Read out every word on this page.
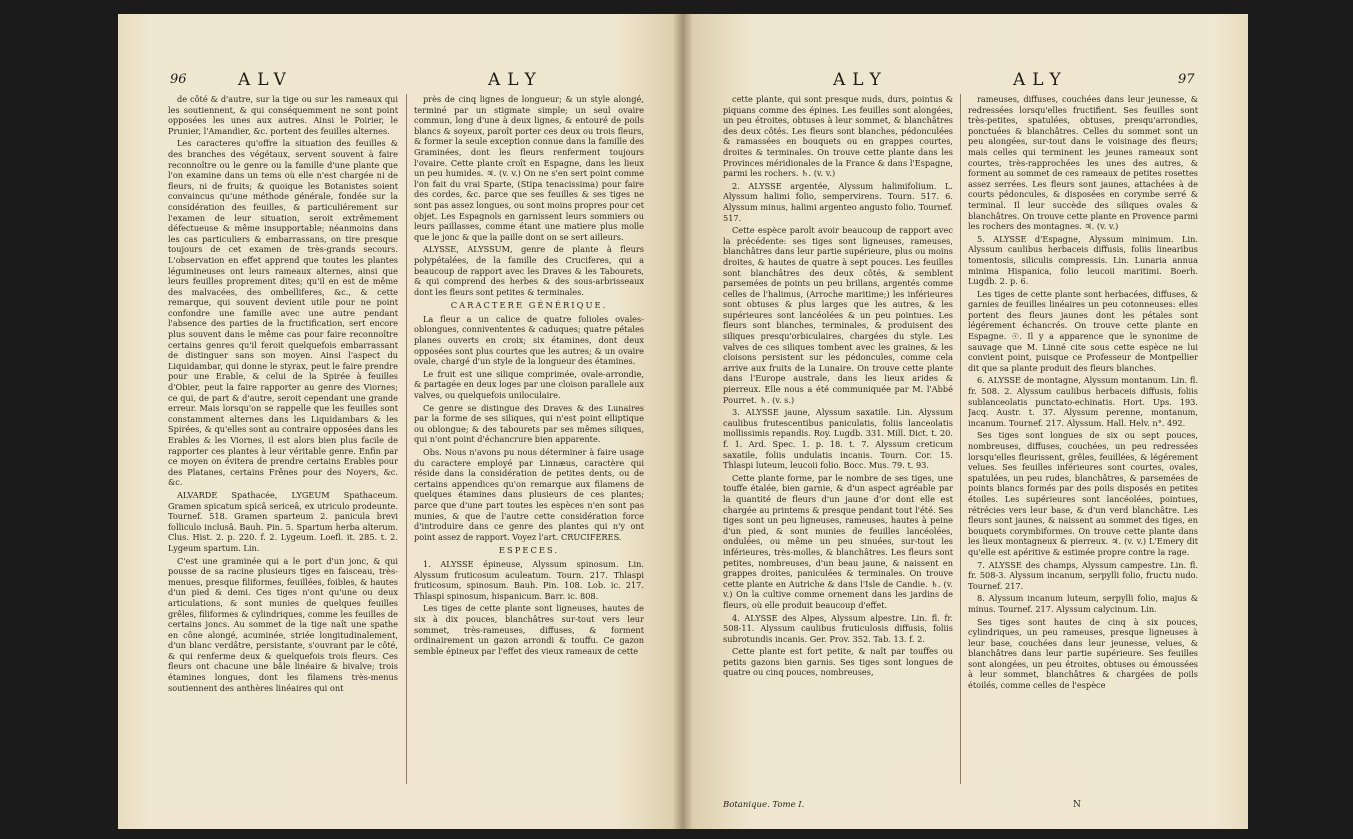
96	ALV	ALY

de côté & d'autre, sur la tige ou sur les rameaux qui les soutiennent, & qui conséquemment ne sont point opposées les unes aux autres. Ainsi le Poirier, le Prunier, l'Amandier, &c. portent des feuilles alternes.

Les caracteres qu'offre la situation des feuilles & des branches des végétaux, servent souvent à faire reconnoître ou le genre ou la famille d'une plante que l'on examine dans un tems où elle n'est chargée ni de fleurs, ni de fruits; & quoique les Botanistes soient convaincus qu'une méthode générale, fondée sur la considération des feuilles, & particuliérement sur l'examen de leur situation, seroit extrêmement défectueuse & même insupportable; néanmoins dans les cas particuliers & embarrassans, on tire presque toujours de cet examen de très-grands secours. L'observation en effet apprend que toutes les plantes légumineuses ont leurs rameaux alternes, ainsi que leurs feuilles proprement dites; qu'il en est de même des malvacées, des ombelliferes, &c., & cette remarque, qui souvent devient utile pour ne point confondre une famille avec une autre pendant l'absence des parties de la fructification, sert encore plus souvent dans le même cas pour faire reconnoître certains genres qu'il feroit quelquefois embarrassant de distinguer sans son moyen. Ainsi l'aspect du Liquidambar, qui donne le styrax, peut le faire prendre pour une Erable, & celui de la Spirée à feuilles d'Obier, peut la faire rapporter au genre des Viornes; ce qui, de part & d'autre, seroit cependant une grande erreur. Mais lorsqu'on se rappelle que les feuilles sont constamment alternes dans les Liquidambars & les Spirées, & qu'elles sont au contraire opposées dans les Erables & les Viornes, il est alors bien plus facile de rapporter ces plantes à leur véritable genre. Enfin par ce moyen on évitera de prendre certains Erables pour des Platanes, certains Frênes pour des Noyers, &c. &c.

ALVARDE Spathacée, LYGEUM Spathaceum. Gramen spicatum spicâ sericeâ, ex utriculo prodeunte. Tournef. 518. Gramen sparteum 2. panicula brevi folliculo inclusâ. Bauh. Pin. 5. Spartum herba alterum. Clus. Hist. 2. p. 220. f. 2. Lygeum. Loefl. it. 285. t. 2. Lygeum spartum. Lin.

C'est une graminée qui a le port d'un jonc, & qui pousse de sa racine plusieurs tiges en faisceau, très-menues, presque filiformes, feuillées, foibles, & hautes d'un pied & demi. Ces tiges n'ont qu'une ou deux articulations, & sont munies de quelques feuilles grêles, filiformes & cylindriques, comme les feuilles de certains joncs. Au sommet de la tige naît une spathe en cône alongé, acuminée, striée longitudinalement, d'un blanc verdâtre, persistante, s'ouvrant par le côté, & qui renferme deux & quelquefois trois fleurs. Ces fleurs ont chacune une bâle linéaire & bivalve; trois étamines longues, dont les filamens très-menus soutiennent des anthères linéaires qui ont

près de cinq lignes de longueur; & un style alongé, terminé par un stigmate simple; un seul ovaire commun, long d'une à deux lignes, & entouré de poils blancs & soyeux, paroît porter ces deux ou trois fleurs, & former la seule exception connue dans la famille des Graminées, dont les fleurs renferment toujours l'ovaire. Cette plante croît en Espagne, dans les lieux un peu humides. ♃. (v. v.) On ne s'en sert point comme l'on fait du vrai Sparte, (Stipa tenacissima) pour faire des cordes, &c. parce que ses feuilles & ses tiges ne sont pas assez longues, ou sont moins propres pour cet objet. Les Espagnols en garnissent leurs sommiers ou leurs paillasses, comme étant une matiere plus molle que le jonc & que la paille dont on se sert ailleurs.

ALYSSE, ALYSSUM, genre de plante à fleurs polypétalées, de la famille des Cruciferes, qui a beaucoup de rapport avec les Draves & les Tabourets, & qui comprend des herbes & des sous-arbrisseaux dont les fleurs sont petites & terminales.

CARACTERE GÉNÉRIQUE.

La fleur a un calice de quatre folioles ovales-oblongues, connivententes & caduques; quatre pétales planes ouverts en croix; six étamines, dont deux opposées sont plus courtes que les autres; & un ovaire ovale, chargé d'un style de la longueur des étamines.

Le fruit est une silique comprimée, ovale-arrondie, & partagée en deux loges par une cloison parallele aux valves, ou quelquefois uniloculaire.

Ce genre se distingue des Draves & des Lunaires par la forme de ses siliques, qui n'est point elliptique ou oblongue; & des tabourets par ses mêmes siliques, qui n'ont point d'échancrure bien apparente.

Obs. Nous n'avons pu nous déterminer à faire usage du caractere employé par Linnæus, caractère qui réside dans la considération de petites dents, ou de certains appendices qu'on remarque aux filamens de quelques étamines dans plusieurs de ces plantes; parce que d'une part toutes les espèces n'en sont pas munies, & que de l'autre cette considération force d'introduire dans ce genre des plantes qui n'y ont point assez de rapport. Voyez l'art. CRUCIFERES.

ESPECES.

1. ALYSSE épineuse, Alyssum spinosum. Lin. Alyssum fruticosum aculeatum. Tourn. 217. Thlaspi fruticosum, spinosum. Bauh. Pin. 108. Lob. ic. 217. Thlaspi spinosum, hispanicum. Barr. ic. 808.

Les tiges de cette plante sont ligneuses, hautes de six à dix pouces, blanchâtres sur-tout vers leur sommet, très-rameuses, diffuses, & forment ordinairement un gazon arrondi & touffu. Ce gazon semble épineux par l'effet des vieux rameaux de cette

ALY	ALY	97

cette plante, qui sont presque nuds, durs, pointus & piquans comme des épines. Les feuilles sont alongées, un peu étroites, obtuses à leur sommet, & blanchâtres des deux côtés. Les fleurs sont blanches, pédonculées & ramassées en bouquets ou en grappes courtes, droites & terminales. On trouve cette plante dans les Provinces méridionales de la France & dans l'Espagne, parmi les rochers. ♄. (v. v.)

2. ALYSSE argentée, Alyssum halimifolium. L. Alyssum halimi folio, sempervirens. Tourn. 517. 6. Alyssum minus, halimi argenteo angusto folio. Tournef. 517.

Cette espèce paroît avoir beaucoup de rapport avec la précédente: ses tiges sont ligneuses, rameuses, blanchâtres dans leur partie supérieure, plus ou moins droites, & hautes de quatre à sept pouces. Les feuilles sont blanchâtres des deux côtés, & semblent parsemées de points un peu brillans, argentés comme celles de l'halimus, (Arroche maritime;) les inférieures sont obtuses & plus larges que les autres, & les supérieures sont lancéolées & un peu pointues. Les fleurs sont blanches, terminales, & produisent des siliques presqu'orbiculaires, chargées du style. Les valves de ces siliques tombent avec les graines, & les cloisons persistent sur les pédoncules, comme cela arrive aux fruits de la Lunaire. On trouve cette plante dans l'Europe australe, dans les lieux arides & pierreux. Elle nous a été communiquée par M. l'Abbé Pourret. ♄. (v. s.)

3. ALYSSE jaune, Alyssum saxatile. Lin. Alyssum caulibus frutescentibus paniculatis, foliis lanceolatis mollissimis repandis. Roy. Lugdb. 331. Mill. Dict. t. 20. f. 1. Ard. Spec. 1. p. 18. t. 7. Alyssum creticum saxatile, foliis undulatis incanis. Tourn. Cor. 15. Thlaspi luteum, leucoii folio. Bocc. Mus. 79. t. 93.

Cette plante forme, par le nombre de ses tiges, une touffe étalée, bien garnie, & d'un aspect agréable par la quantité de fleurs d'un jaune d'or dont elle est chargée au printems & presque pendant tout l'été. Ses tiges sont un peu ligneuses, rameuses, hautes à peine d'un pied, & sont munies de feuilles lancéolées, ondulées, ou même un peu sinuées, sur-tout les inférieures, très-molles, & blanchâtres. Les fleurs sont petites, nombreuses, d'un beau jaune, & naissent en grappes droites, paniculées & terminales. On trouve cette plante en Autriche & dans l'Isle de Candie. ♄. (v. v.) On la cultive comme ornement dans les jardins de fleurs, où elle produit beaucoup d'effet.

4. ALYSSE des Alpes, Alyssum alpestre. Lin. fl. fr. 508-11. Alyssum caulibus fruticulosis diffusis, foliis subrotundis incanis. Ger. Prov. 352. Tab. 13. f. 2.

Cette plante est fort petite, & naît par touffes ou petits gazons bien garnis. Ses tiges sont longues de quatre ou cinq pouces, nombreuses,

rameuses, diffuses, couchées dans leur jeunesse, & redressées lorsqu'elles fructifient. Ses feuilles sont très-petites, spatulées, obtuses, presqu'arrondies, ponctuées & blanchâtres. Celles du sommet sont un peu alongées, sur-tout dans le voisinage des fleurs; mais celles qui terminent les jeunes rameaux sont courtes, très-rapprochées les unes des autres, & forment au sommet de ces rameaux de petites rosettes assez serrées. Les fleurs sont jaunes, attachées à de courts pédoncules, & disposées en corymbe serré & terminal. Il leur succède des siliques ovales & blanchâtres. On trouve cette plante en Provence parmi les rochers des montagnes. ♃. (v. v.)

5. ALYSSE d'Espagne, Alyssum minimum. Lin. Alyssum caulibus herbaceis diffusis, foliis linearibus tomentosis, siliculis compressis. Lin. Lunaria annua minima Hispanica, folio leucoii maritimi. Boerh. Lugdb. 2. p. 6.

Les tiges de cette plante sont herbacées, diffuses, & garnies de feuilles linéaires un peu cotonneuses: elles portent des fleurs jaunes dont les pétales sont légérement échancrés. On trouve cette plante en Espagne. ☉. Il y a apparence que le synonime de sauvage que M. Linné cite sous cette espèce ne lui convient point, puisque ce Professeur de Montpellier dit que sa plante produit des fleurs blanches.

6. ALYSSE de montagne, Alyssum montanum. Lin. fl. fr. 508. 2. Alyssum caulibus herbaceis diffusis, foliis sublanceolatis punctato-echinatis. Hort. Ups. 193. Jacq. Austr. t. 37. Alyssum perenne, montanum, incanum. Tournef. 217. Alyssum. Hall. Helv. n°. 492.

Ses tiges sont longues de six ou sept pouces, nombreuses, diffuses, couchées, un peu redressées lorsqu'elles fleurissent, grêles, feuillées, & légérement velues. Ses feuilles inférieures sont courtes, ovales, spatulées, un peu rudes, blanchâtres, & parsemées de points blancs formés par des poils disposés en petites étoiles. Les supérieures sont lancéolées, pointues, rétrécies vers leur base, & d'un verd blanchâtre. Les fleurs sont jaunes, & naissent au sommet des tiges, en bouquets corymbiformes. On trouve cette plante dans les lieux montagneux & pierreux. ♃. (v. v.) L'Emery dit qu'elle est apéritive & estimée propre contre la rage.

7. ALYSSE des champs, Alyssum campestre. Lin. fl. fr. 508-3. Alyssum incanum, serpylli folio, fructu nudo. Tournef. 217.

8. Alyssum incanum luteum, serpylli folio, majus & minus. Tournef. 217. Alyssum calycinum. Lin.

Ses tiges sont hautes de cinq à six pouces, cylindriques, un peu rameuses, presque ligneuses à leur base, couchées dans leur jeunesse, velues, & blanchâtres dans leur partie supérieure. Ses feuilles sont alongées, un peu étroites, obtuses ou émoussées à leur sommet, blanchâtres & chargées de poils étoilés, comme celles de l'espèce

Botanique. Tome I.	N
